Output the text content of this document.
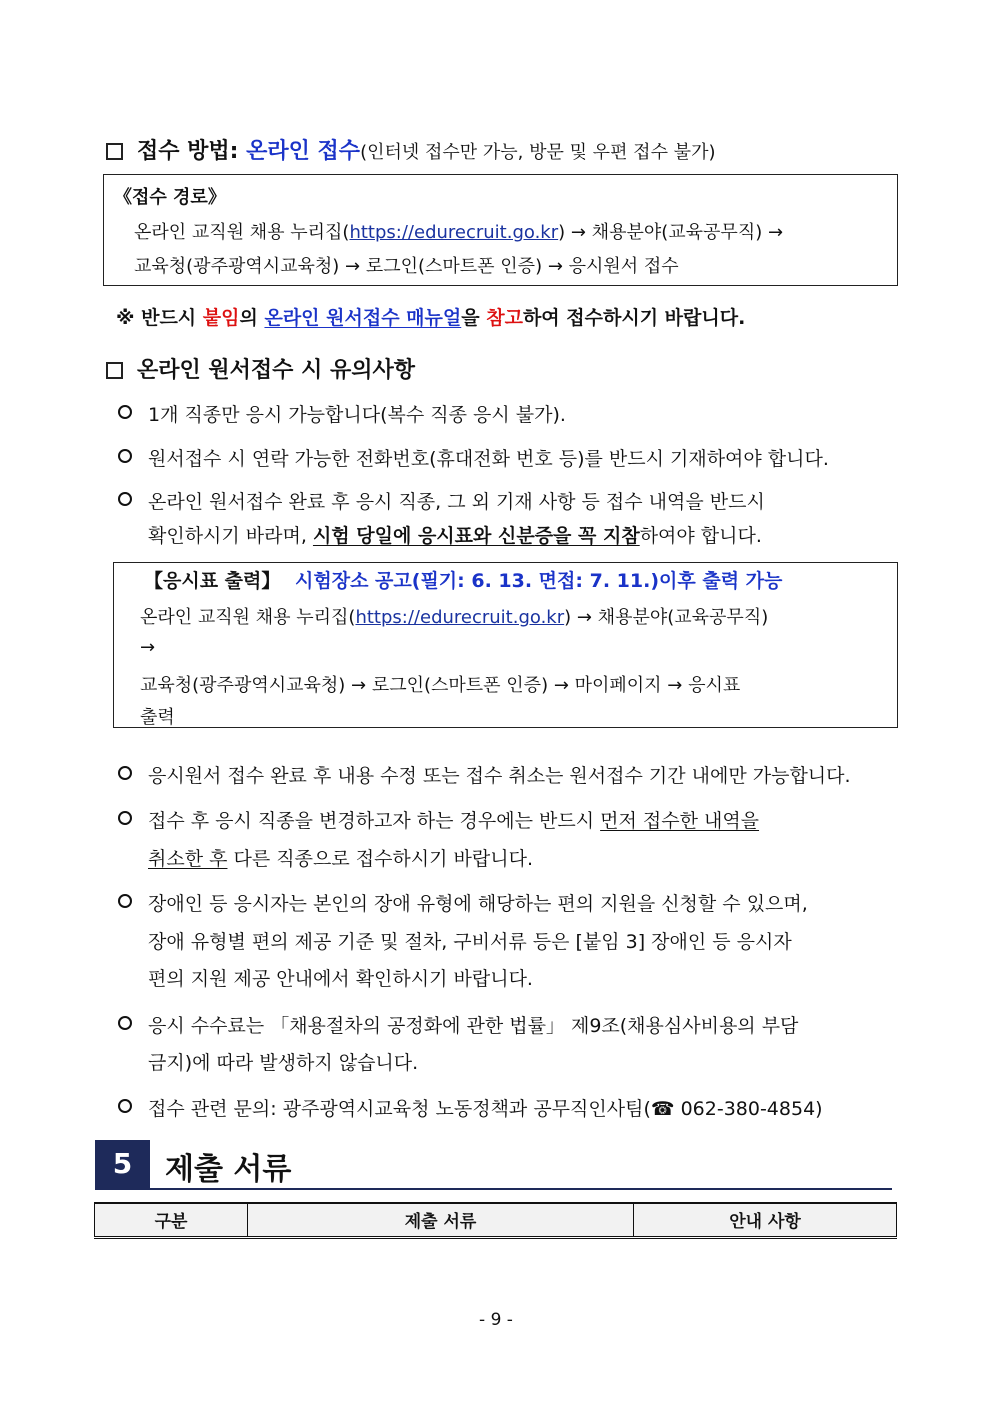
접수 방법: 온라인 접수(인터넷 접수만 가능, 방문 및 우편 접수 불가)
《접수 경로》
온라인 교직원 채용 누리집(https://edurecruit.go.kr) → 채용분야(교육공무직) →
교육청(광주광역시교육청) → 로그인(스마트폰 인증) → 응시원서 접수
※ 반드시 붙임의 온라인 원서접수 매뉴얼을 참고하여 접수하시기 바랍니다.
온라인 원서접수 시 유의사항
1개 직종만 응시 가능합니다(복수 직종 응시 불가).
원서접수 시 연락 가능한 전화번호(휴대전화 번호 등)를 반드시 기재하여야 합니다.
온라인 원서접수 완료 후 응시 직종, 그 외 기재 사항 등 접수 내역을 반드시
확인하시기 바라며, 시험 당일에 응시표와 신분증을 꼭 지참하여야 합니다.
【응시표 출력】 시험장소 공고(필기: 6. 13. 면접: 7. 11.)이후 출력 가능
온라인 교직원 채용 누리집(https://edurecruit.go.kr) → 채용분야(교육공무직)
→
교육청(광주광역시교육청) → 로그인(스마트폰 인증) → 마이페이지 → 응시표
출력
응시원서 접수 완료 후 내용 수정 또는 접수 취소는 원서접수 기간 내에만 가능합니다.
접수 후 응시 직종을 변경하고자 하는 경우에는 반드시 먼저 접수한 내역을
취소한 후 다른 직종으로 접수하시기 바랍니다.
장애인 등 응시자는 본인의 장애 유형에 해당하는 편의 지원을 신청할 수 있으며,
장애 유형별 편의 제공 기준 및 절차, 구비서류 등은 [붙임 3] 장애인 등 응시자
편의 지원 제공 안내에서 확인하시기 바랍니다.
응시 수수료는 「채용절차의 공정화에 관한 법률」 제9조(채용심사비용의 부담
금지)에 따라 발생하지 않습니다.
접수 관련 문의: 광주광역시교육청 노동정책과 공무직인사팀(☎ 062-380-4854)
5	제출 서류
구분	제출 서류	안내 사항
- 9 -
